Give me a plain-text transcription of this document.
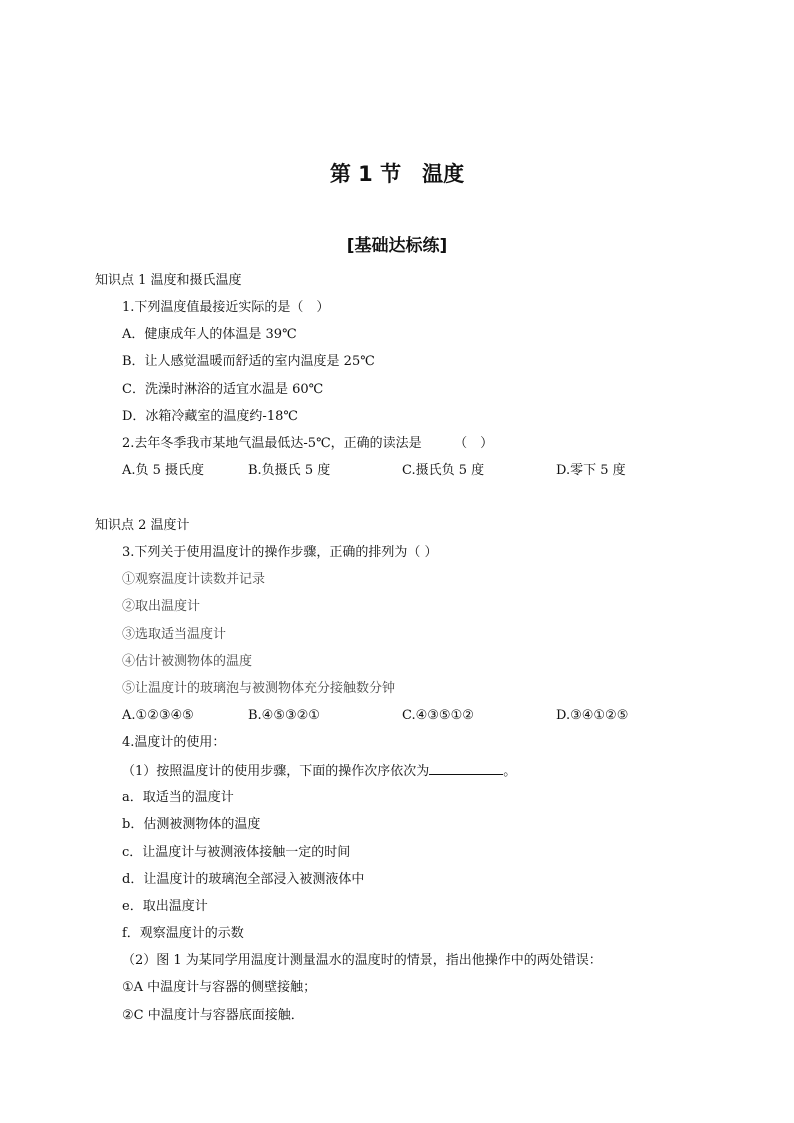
第 1 节　温度
[基础达标练]
知识点 1 温度和摄氏温度
1.下列温度值最接近实际的是（　）
A．健康成年人的体温是 39℃
B．让人感觉温暖而舒适的室内温度是 25℃
C．洗澡时淋浴的适宜水温是 60℃
D．冰箱冷藏室的温度约-18℃
2.去年冬季我市某地气温最低达-5℃，正确的读法是　　　（　）
A.负 5 摄氏度	B.负摄氏 5 度	C.摄氏负 5 度	D.零下 5 度
知识点 2 温度计
3.下列关于使用温度计的操作步骤，正确的排列为（ ）
①观察温度计读数并记录
②取出温度计
③选取适当温度计
④估计被测物体的温度
⑤让温度计的玻璃泡与被测物体充分接触数分钟
A.①②③④⑤	B.④⑤③②①	C.④③⑤①②	D.③④①②⑤
4.温度计的使用：
（1）按照温度计的使用步骤，下面的操作次序依次为	。
a．取适当的温度计
b．估测被测物体的温度
c．让温度计与被测液体接触一定的时间
d．让温度计的玻璃泡全部浸入被测液体中
e．取出温度计
f．观察温度计的示数
（2）图 1 为某同学用温度计测量温水的温度时的情景，指出他操作中的两处错误：
①A 中温度计与容器的侧壁接触；
②C 中温度计与容器底面接触．
